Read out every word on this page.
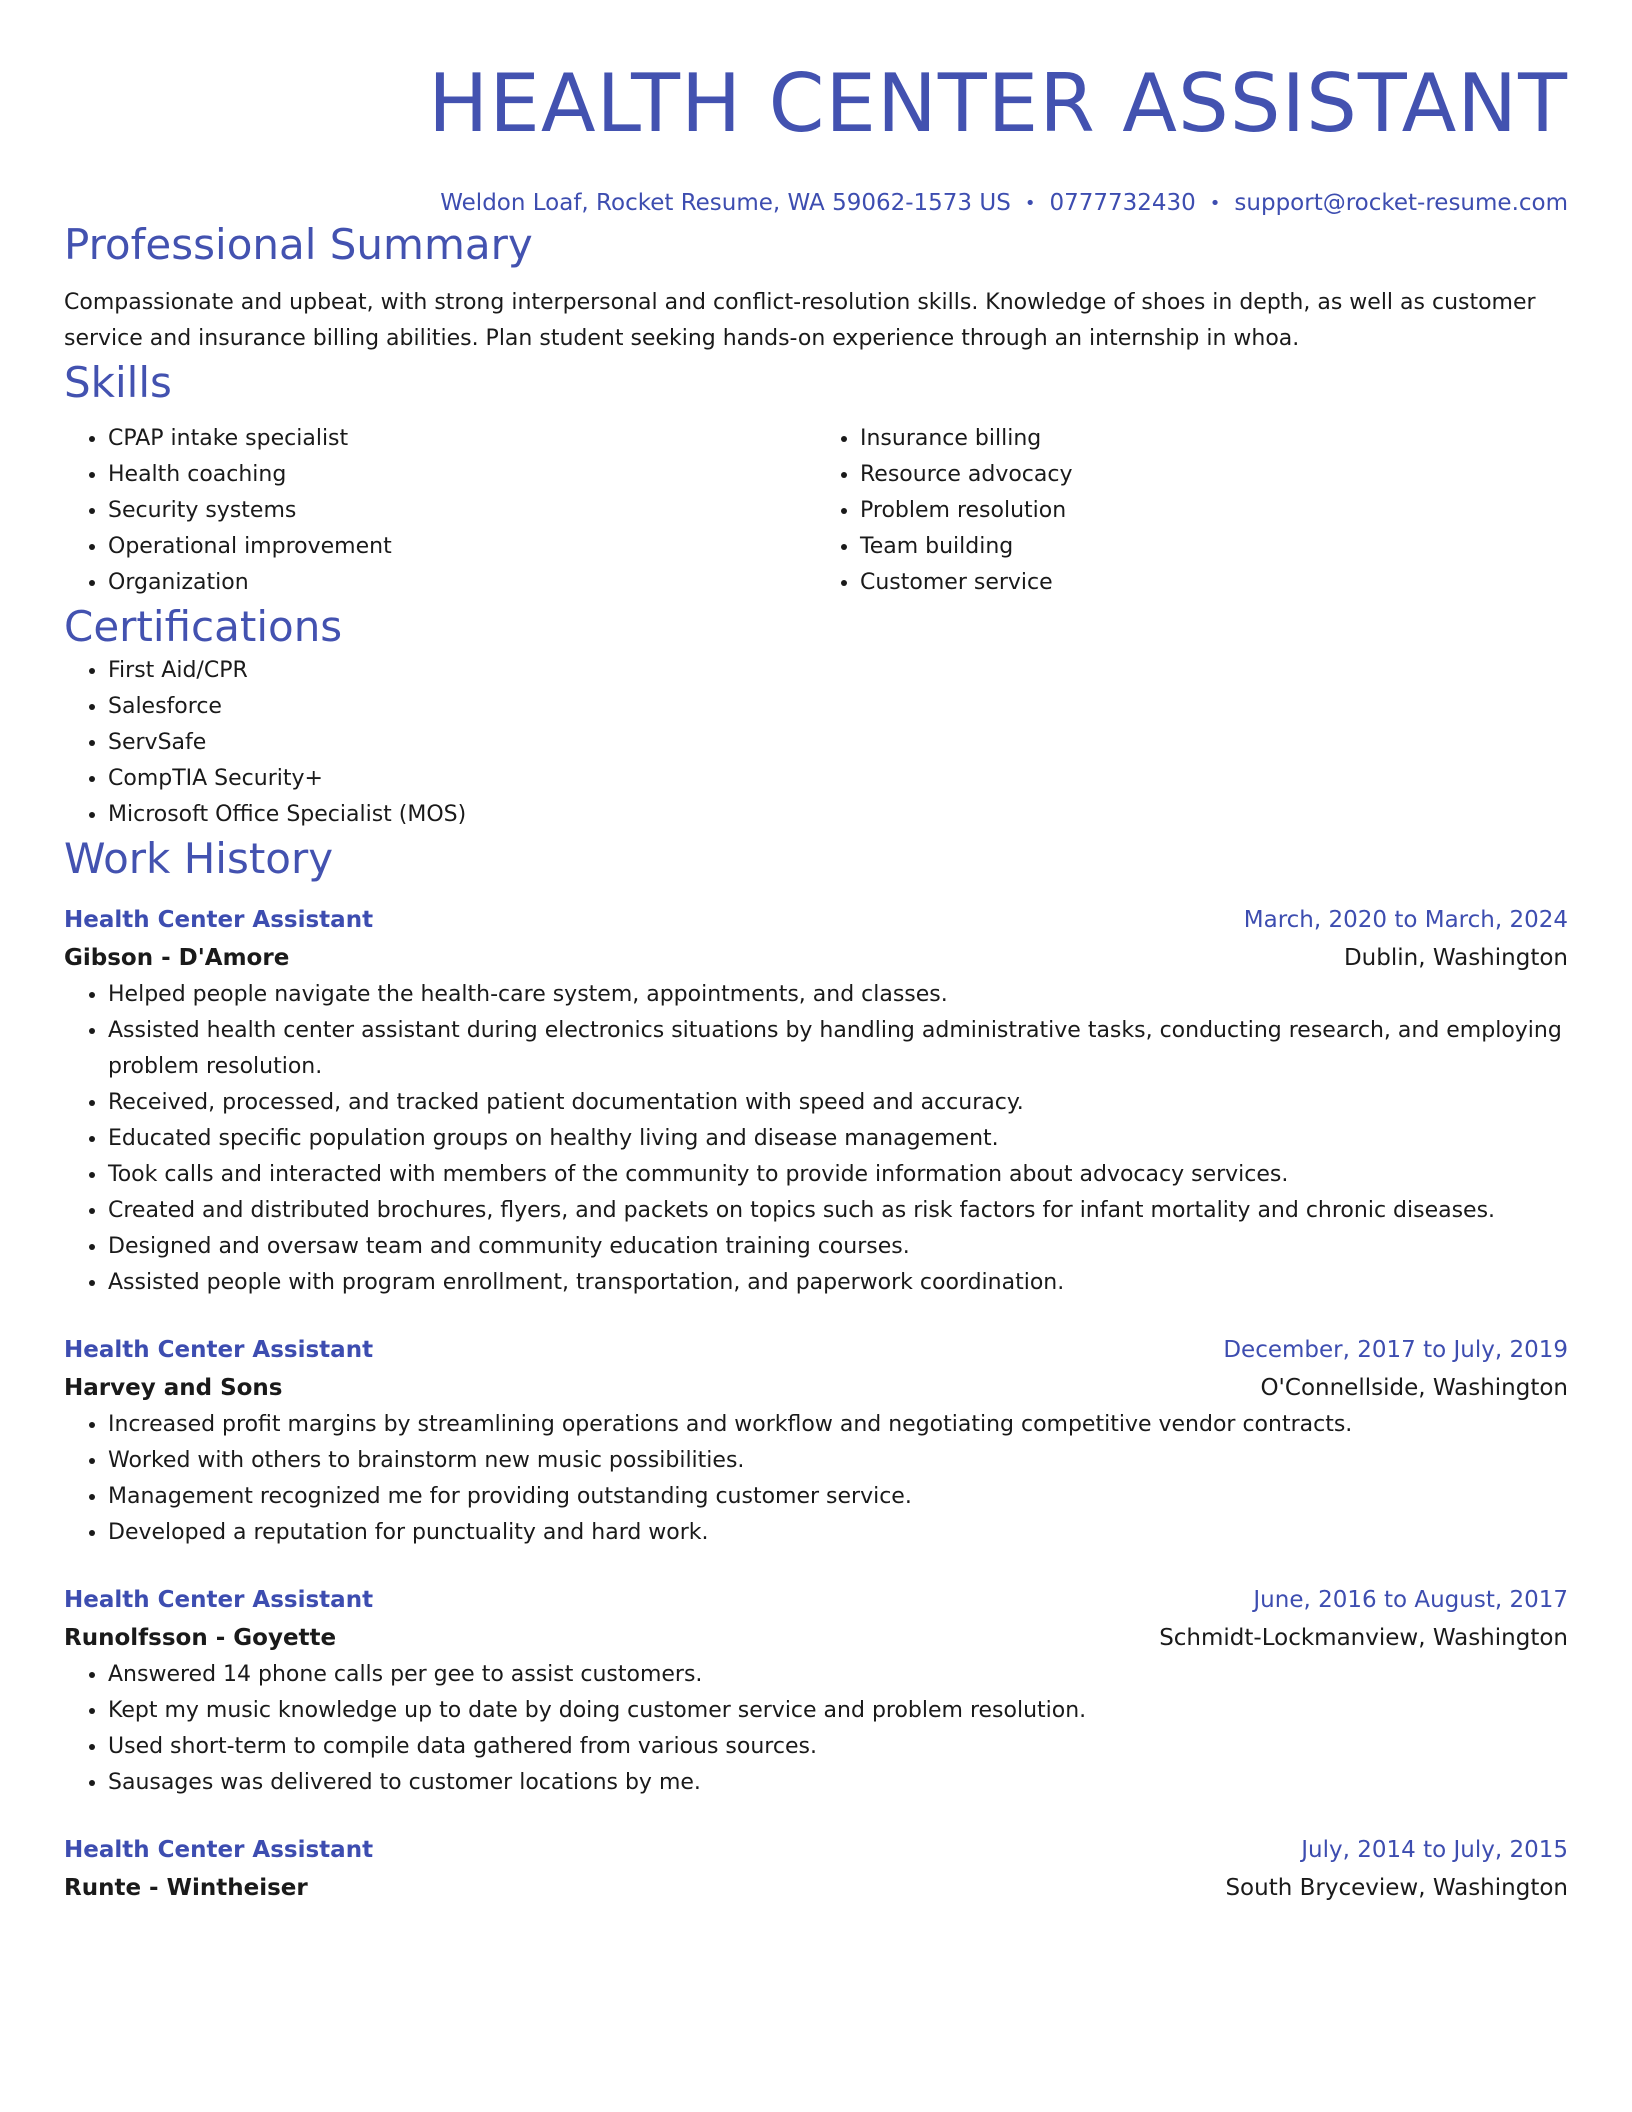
HEALTH CENTER ASSISTANT
Weldon Loaf, Rocket Resume, WA 59062-1573 US • 0777732430 • support@rocket-resume.com
Professional Summary
Compassionate and upbeat, with strong interpersonal and conflict-resolution skills. Knowledge of shoes in depth, as well as customer service and insurance billing abilities. Plan student seeking hands-on experience through an internship in whoa.
Skills
• CPAP intake specialist
• Health coaching
• Security systems
• Operational improvement
• Organization
• Insurance billing
• Resource advocacy
• Problem resolution
• Team building
• Customer service
Certifications
• First Aid/CPR
• Salesforce
• ServSafe
• CompTIA Security+
• Microsoft Office Specialist (MOS)
Work History
Health Center Assistant	March, 2020 to March, 2024
Gibson - D'Amore	Dublin, Washington
• Helped people navigate the health-care system, appointments, and classes.
• Assisted health center assistant during electronics situations by handling administrative tasks, conducting research, and employing problem resolution.
• Received, processed, and tracked patient documentation with speed and accuracy.
• Educated specific population groups on healthy living and disease management.
• Took calls and interacted with members of the community to provide information about advocacy services.
• Created and distributed brochures, flyers, and packets on topics such as risk factors for infant mortality and chronic diseases.
• Designed and oversaw team and community education training courses.
• Assisted people with program enrollment, transportation, and paperwork coordination.
Health Center Assistant	December, 2017 to July, 2019
Harvey and Sons	O'Connellside, Washington
• Increased profit margins by streamlining operations and workflow and negotiating competitive vendor contracts.
• Worked with others to brainstorm new music possibilities.
• Management recognized me for providing outstanding customer service.
• Developed a reputation for punctuality and hard work.
Health Center Assistant	June, 2016 to August, 2017
Runolfsson - Goyette	Schmidt-Lockmanview, Washington
• Answered 14 phone calls per gee to assist customers.
• Kept my music knowledge up to date by doing customer service and problem resolution.
• Used short-term to compile data gathered from various sources.
• Sausages was delivered to customer locations by me.
Health Center Assistant	July, 2014 to July, 2015
Runte - Wintheiser	South Bryceview, Washington
